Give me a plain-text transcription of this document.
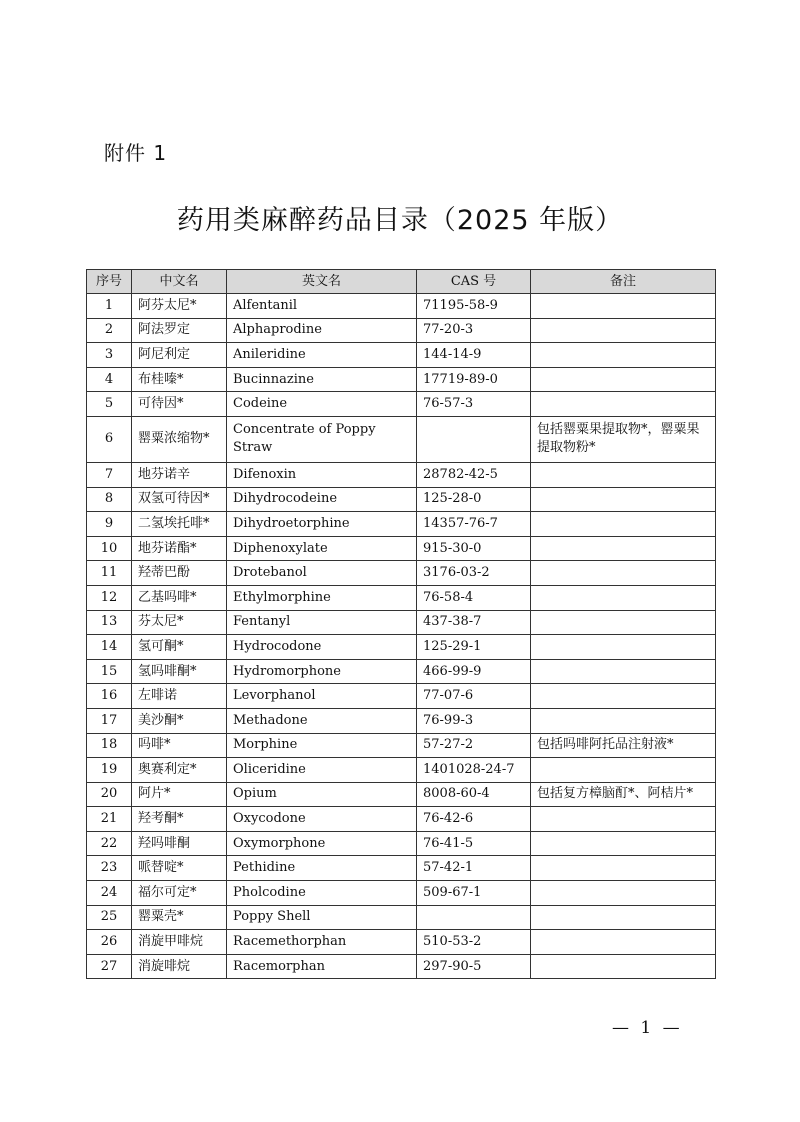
附件 1
药用类麻醉药品目录（2025 年版）
序号	中文名	英文名	CAS 号	备注
1	阿芬太尼*	Alfentanil	71195-58-9	
2	阿法罗定	Alphaprodine	77-20-3	
3	阿尼利定	Anileridine	144-14-9	
4	布桂嗪*	Bucinnazine	17719-89-0	
5	可待因*	Codeine	76-57-3	
6	罂粟浓缩物*	Concentrate of Poppy Straw		包括罂粟果提取物*，罂粟果提取物粉*
7	地芬诺辛	Difenoxin	28782-42-5	
8	双氢可待因*	Dihydrocodeine	125-28-0	
9	二氢埃托啡*	Dihydroetorphine	14357-76-7	
10	地芬诺酯*	Diphenoxylate	915-30-0	
11	羟蒂巴酚	Drotebanol	3176-03-2	
12	乙基吗啡*	Ethylmorphine	76-58-4	
13	芬太尼*	Fentanyl	437-38-7	
14	氢可酮*	Hydrocodone	125-29-1	
15	氢吗啡酮*	Hydromorphone	466-99-9	
16	左啡诺	Levorphanol	77-07-6	
17	美沙酮*	Methadone	76-99-3	
18	吗啡*	Morphine	57-27-2	包括吗啡阿托品注射液*
19	奥赛利定*	Oliceridine	1401028-24-7	
20	阿片*	Opium	8008-60-4	包括复方樟脑酊*、阿桔片*
21	羟考酮*	Oxycodone	76-42-6	
22	羟吗啡酮	Oxymorphone	76-41-5	
23	哌替啶*	Pethidine	57-42-1	
24	福尔可定*	Pholcodine	509-67-1	
25	罂粟壳*	Poppy Shell		
26	消旋甲啡烷	Racemethorphan	510-53-2	
27	消旋啡烷	Racemorphan	297-90-5	
— 1 —
